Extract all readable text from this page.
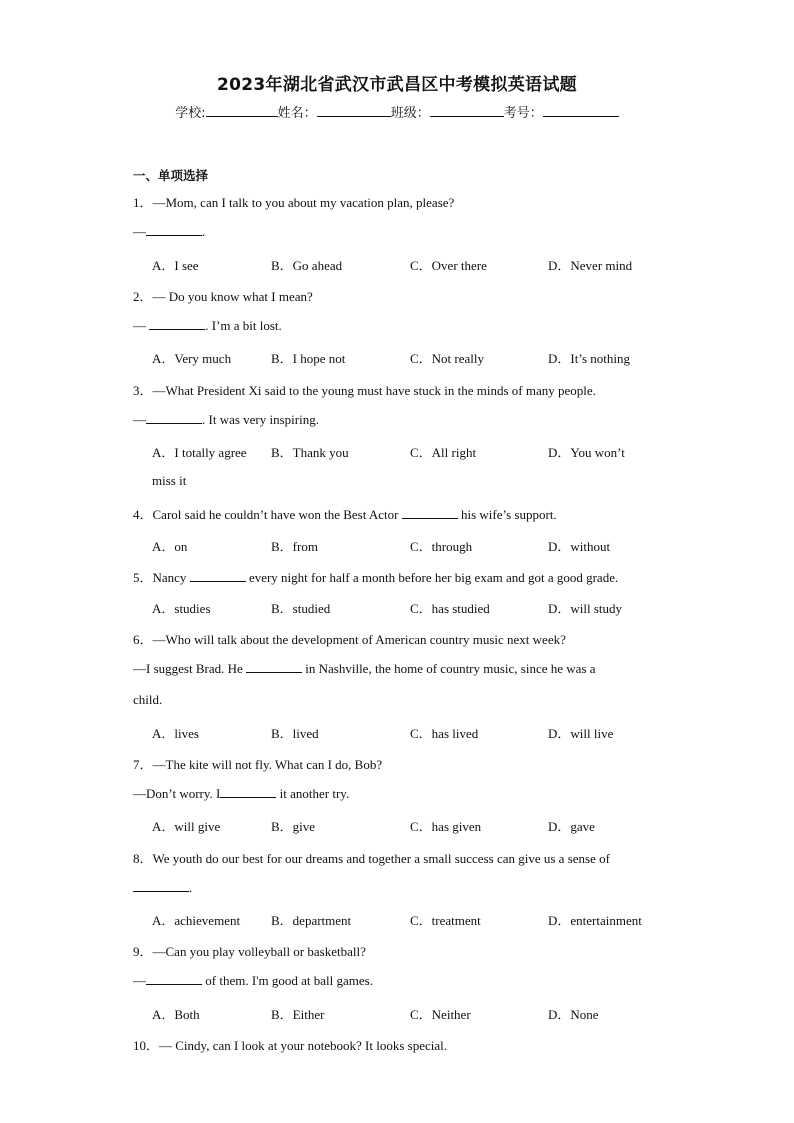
2023年湖北省武汉市武昌区中考模拟英语试题
学校:	姓名：	班级：	考号：
一、单项选择
1．—Mom, can I talk to you about my vacation plan, please?
—	.
A．I see	B．Go ahead	C．Over there	D．Never mind
2．— Do you know what I mean?
—	. I’m a bit lost.
A．Very much	B．I hope not	C．Not really	D．It’s nothing
3．—What President Xi said to the young must have stuck in the minds of many people.
—	. It was very inspiring.
A．I totally agree B．Thank you	C．All right	D．You won’t
miss it
4．Carol said he couldn’t have won the Best Actor	his wife’s support.
A．on	B．from	C．through	D．without
5．Nancy	every night for half a month before her big exam and got a good grade.
A．studies	B．studied	C．has studied	D．will study
6．—Who will talk about the development of American country music next week?
—I suggest Brad. He	in Nashville, the home of country music, since he was a
child.
A．lives	B．lived	C．has lived	D．will live
7．—The kite will not fly. What can I do, Bob?
—Don’t worry. I	it another try.
A．will give	B．give	C．has given	D．gave
8．We youth do our best for our dreams and together a small success can give us a sense of
.
A．achievement B．department	C．treatment	D．entertainment
9．—Can you play volleyball or basketball?
—	of them. I'm good at ball games.
A．Both	B．Either	C．Neither	D．None
10．— Cindy, can I look at your notebook? It looks special.
